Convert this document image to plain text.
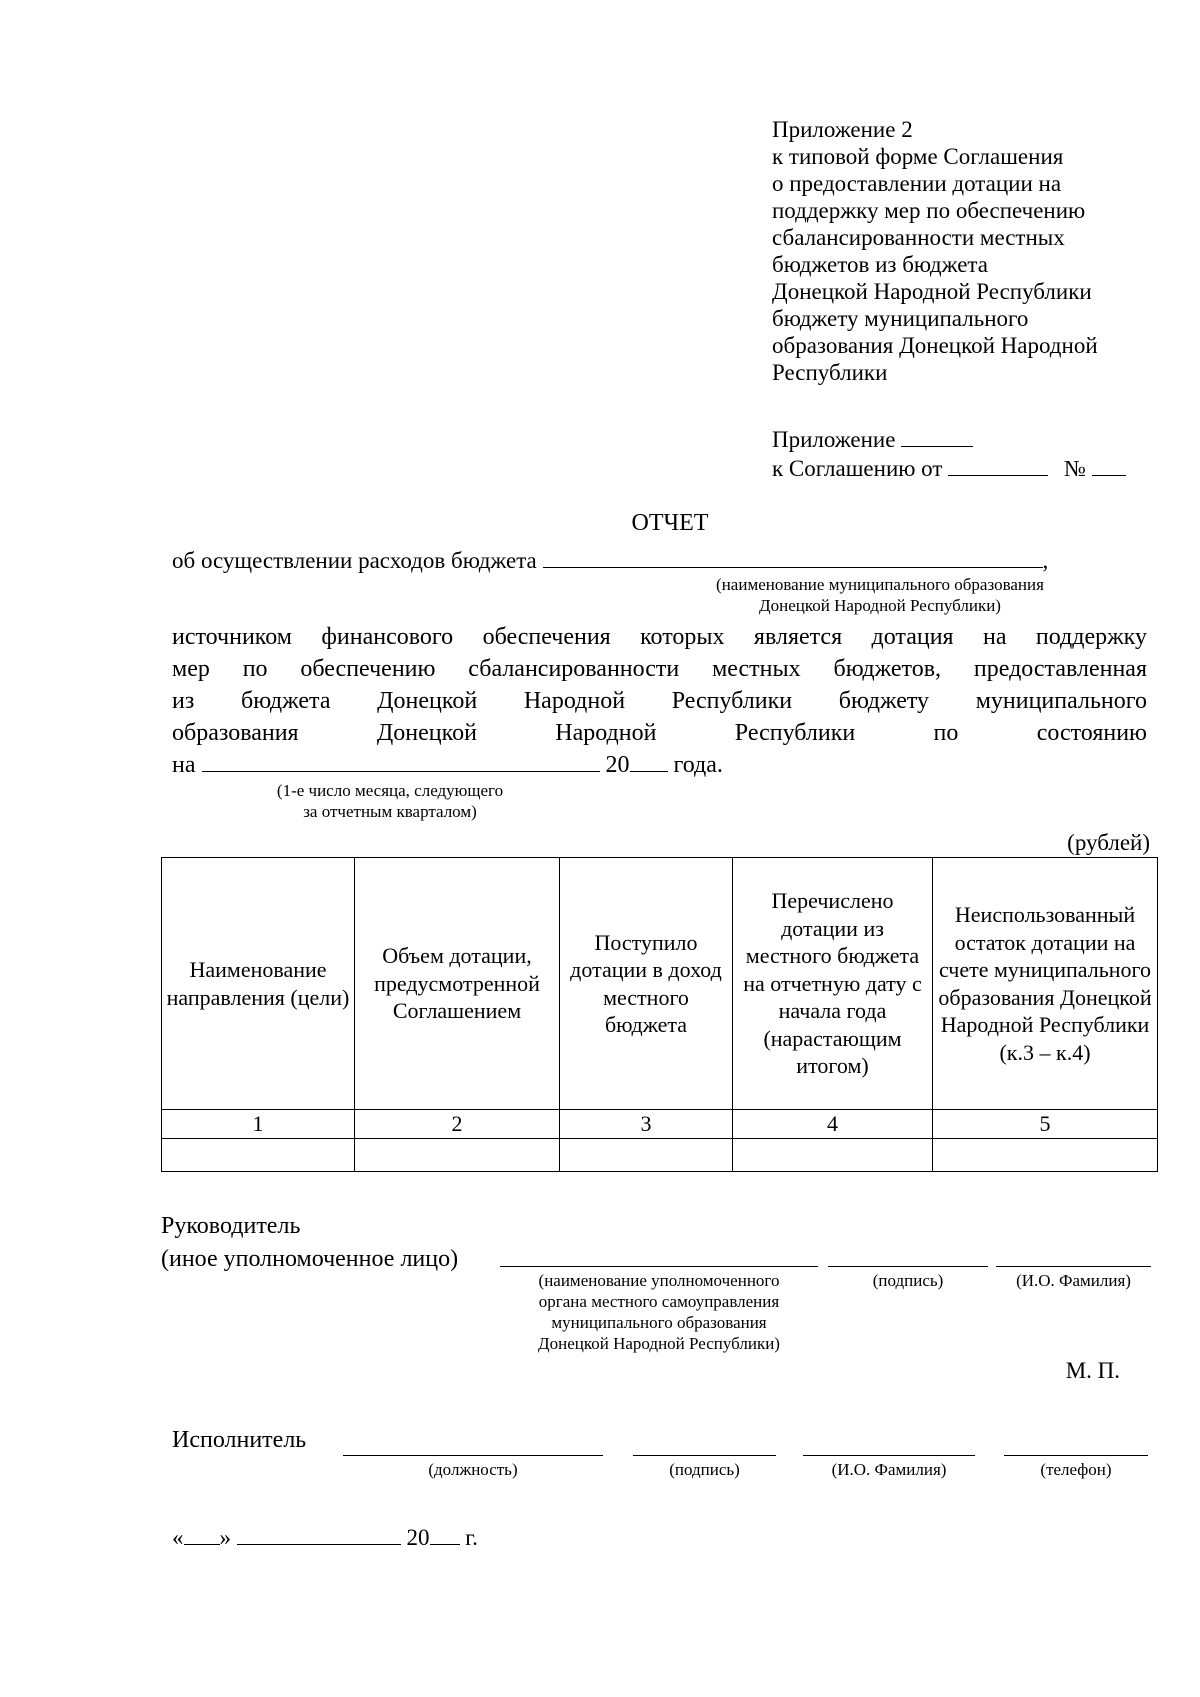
Приложение 2
к типовой форме Соглашения
о предоставлении дотации на
поддержку мер по обеспечению
сбалансированности местных
бюджетов из бюджета
Донецкой Народной Республики
бюджету муниципального
образования Донецкой Народной
Республики
Приложение
к Соглашению от	№
ОТЧЕТ
об осуществлении расходов бюджета	,
(наименование муниципального образования
Донецкой Народной Республики)
источником финансового обеспечения которых является дотация на поддержку
мер по обеспечению сбалансированности местных бюджетов, предоставленная
из бюджета Донецкой Народной Республики бюджету муниципального
образования Донецкой Народной Республики по состоянию
на	20 года.
(1-е число месяца, следующего
за отчетным кварталом)
(рублей)
Наименование направления (цели)	Объем дотации, предусмотренной Соглашением	Поступило дотации в доход местного бюджета	Перечислено дотации из местного бюджета на отчетную дату с начала года (нарастающим итогом)	Неиспользованный остаток дотации на счете муниципального образования Донецкой Народной Республики (к.3 – к.4)
1	2	3	4	5

Руководитель
(иное уполномоченное лицо)
(наименование уполномоченного
органа местного самоуправления
муниципального образования
Донецкой Народной Республики)
(подпись)	(И.О. Фамилия)
М. П.
Исполнитель
(должность)	(подпись)	(И.О. Фамилия)	(телефон)
« »	20 г.
